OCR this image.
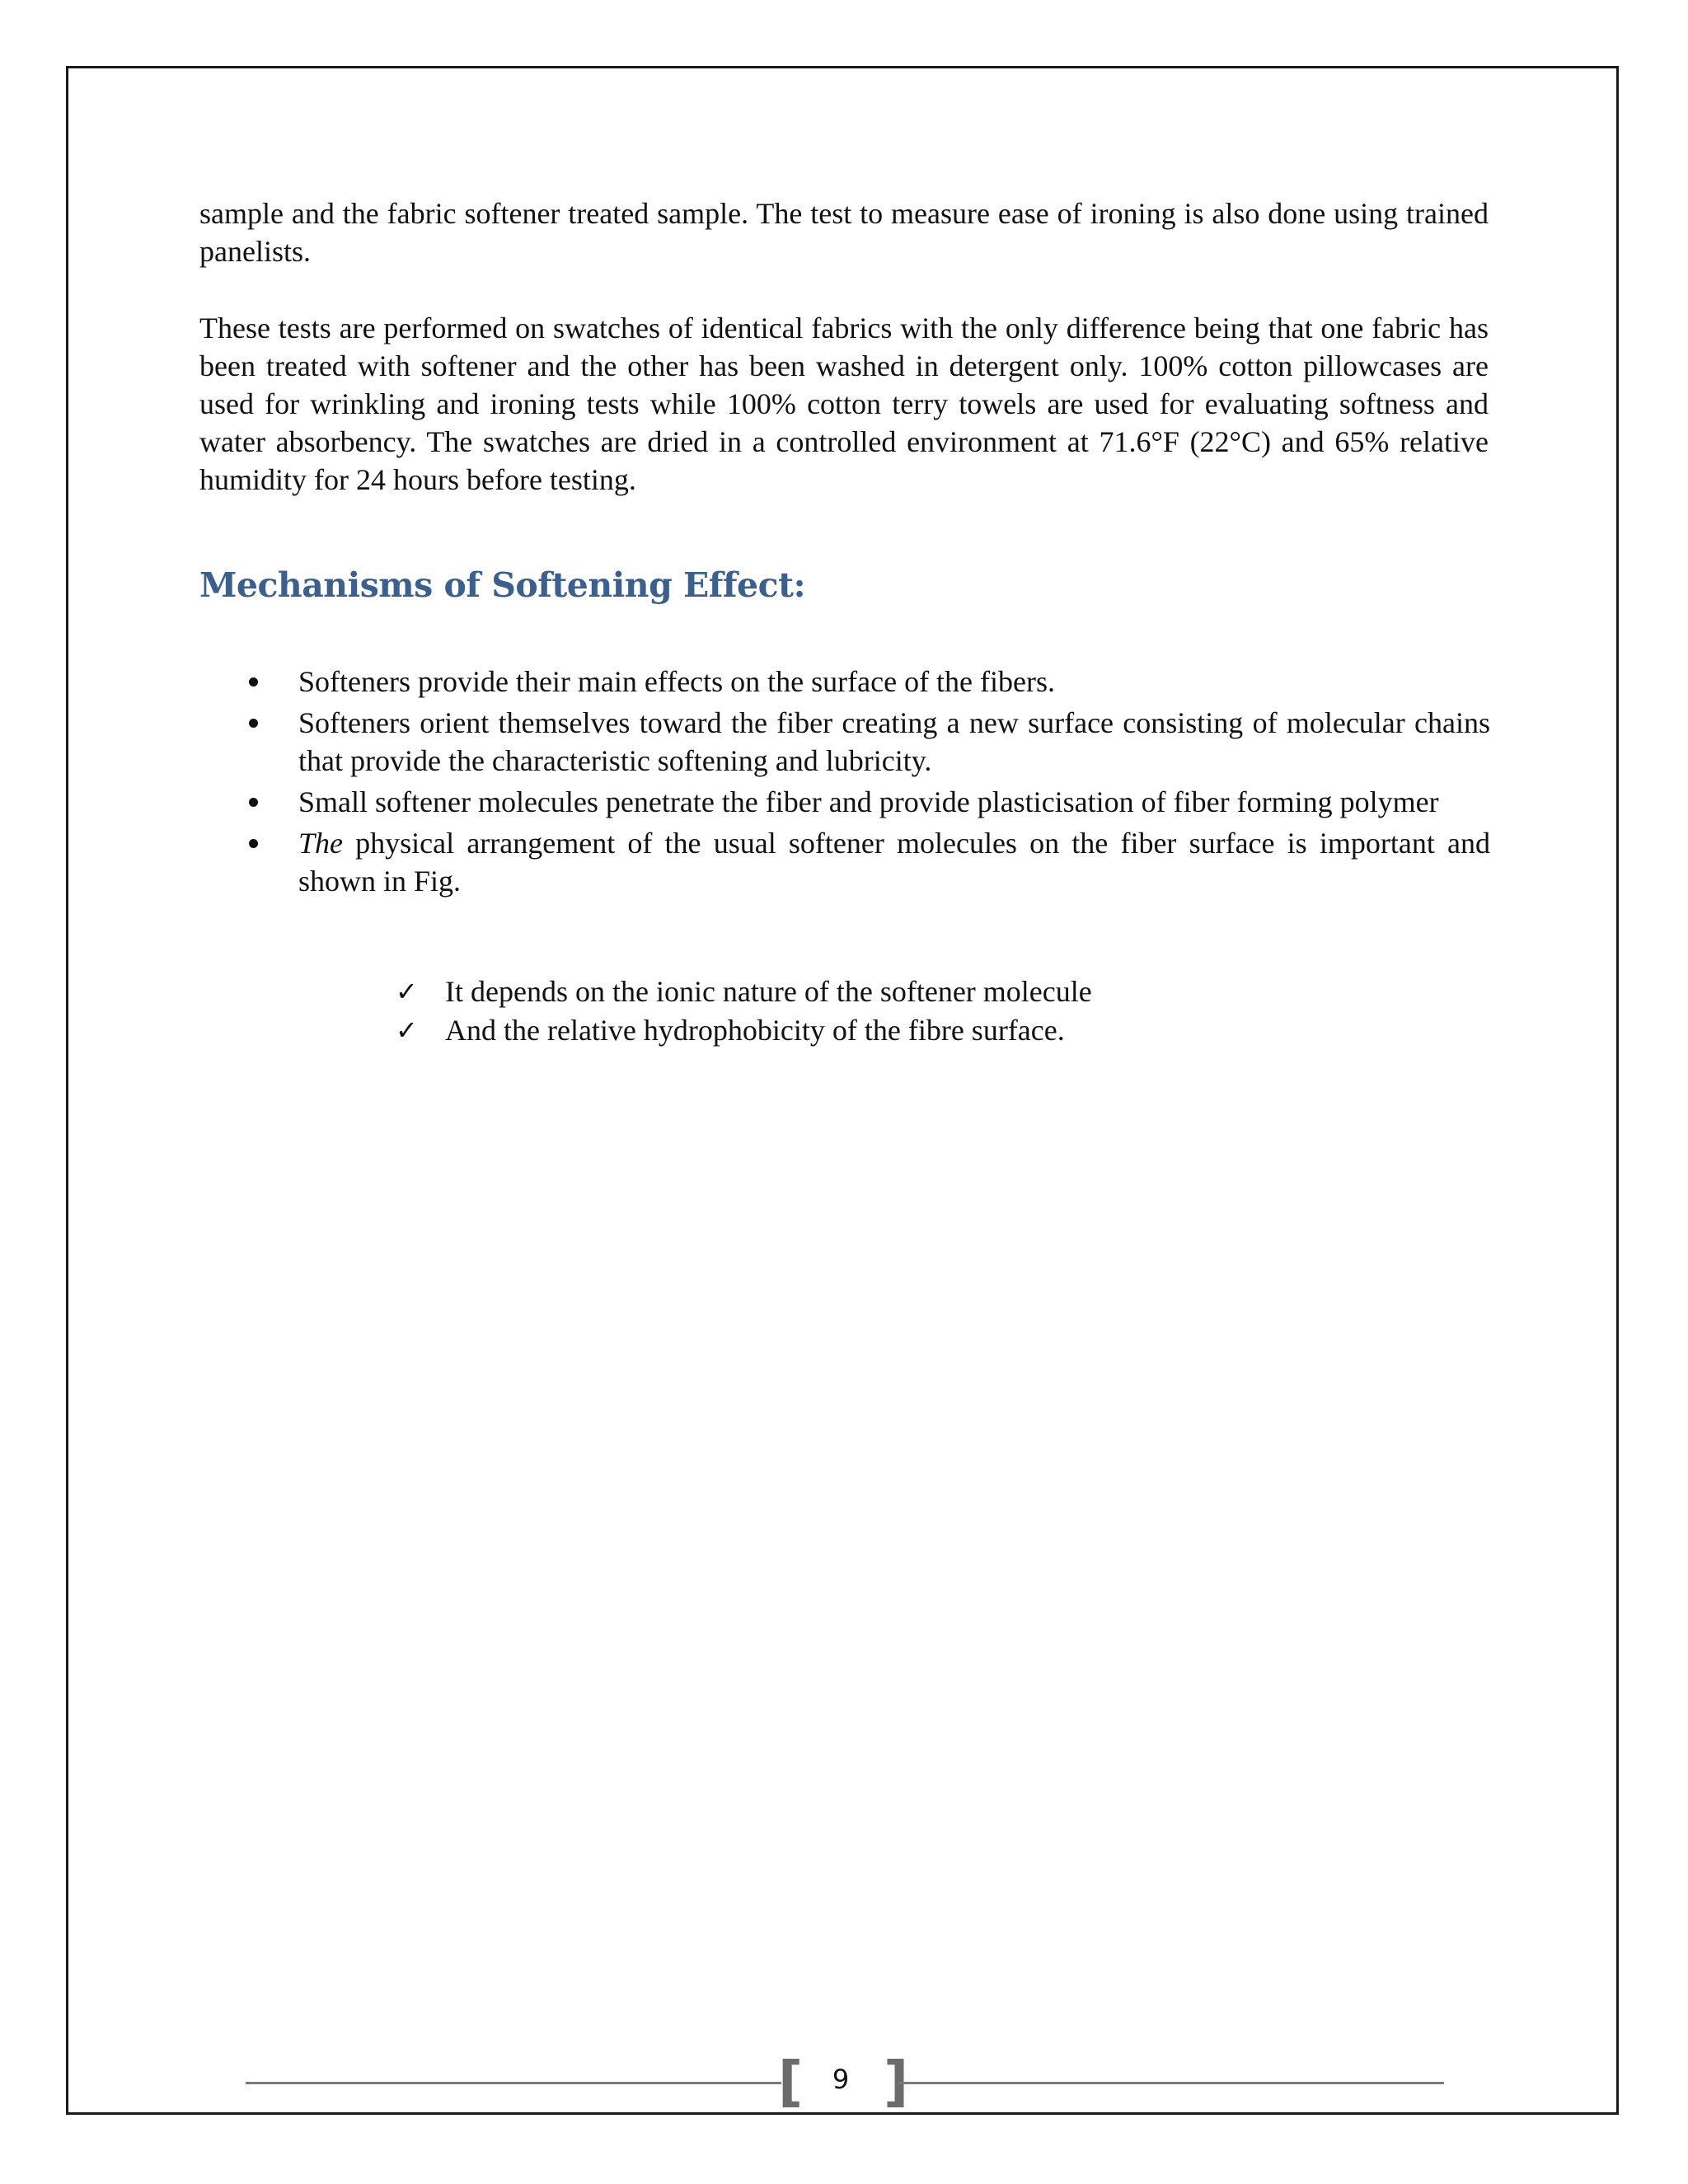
sample and the fabric softener treated sample. The test to measure ease of ironing is also done using trained panelists.

These tests are performed on swatches of identical fabrics with the only difference being that one fabric has been treated with softener and the other has been washed in detergent only. 100% cotton pillowcases are used for wrinkling and ironing tests while 100% cotton terry towels are used for evaluating softness and water absorbency. The swatches are dried in a controlled environment at 71.6°F (22°C) and 65% relative humidity for 24 hours before testing.

Mechanisms of Softening Effect:
Softeners provide their main effects on the surface of the fibers.
Softeners orient themselves toward the fiber creating a new surface consisting of molecular chains that provide the characteristic softening and lubricity.
Small softener molecules penetrate the fiber and provide plasticisation of fiber forming polymer
The physical arrangement of the usual softener molecules on the fiber surface is important and shown in Fig.
✓ It depends on the ionic nature of the softener molecule
✓ And the relative hydrophobicity of the fibre surface.
[	9 ]
